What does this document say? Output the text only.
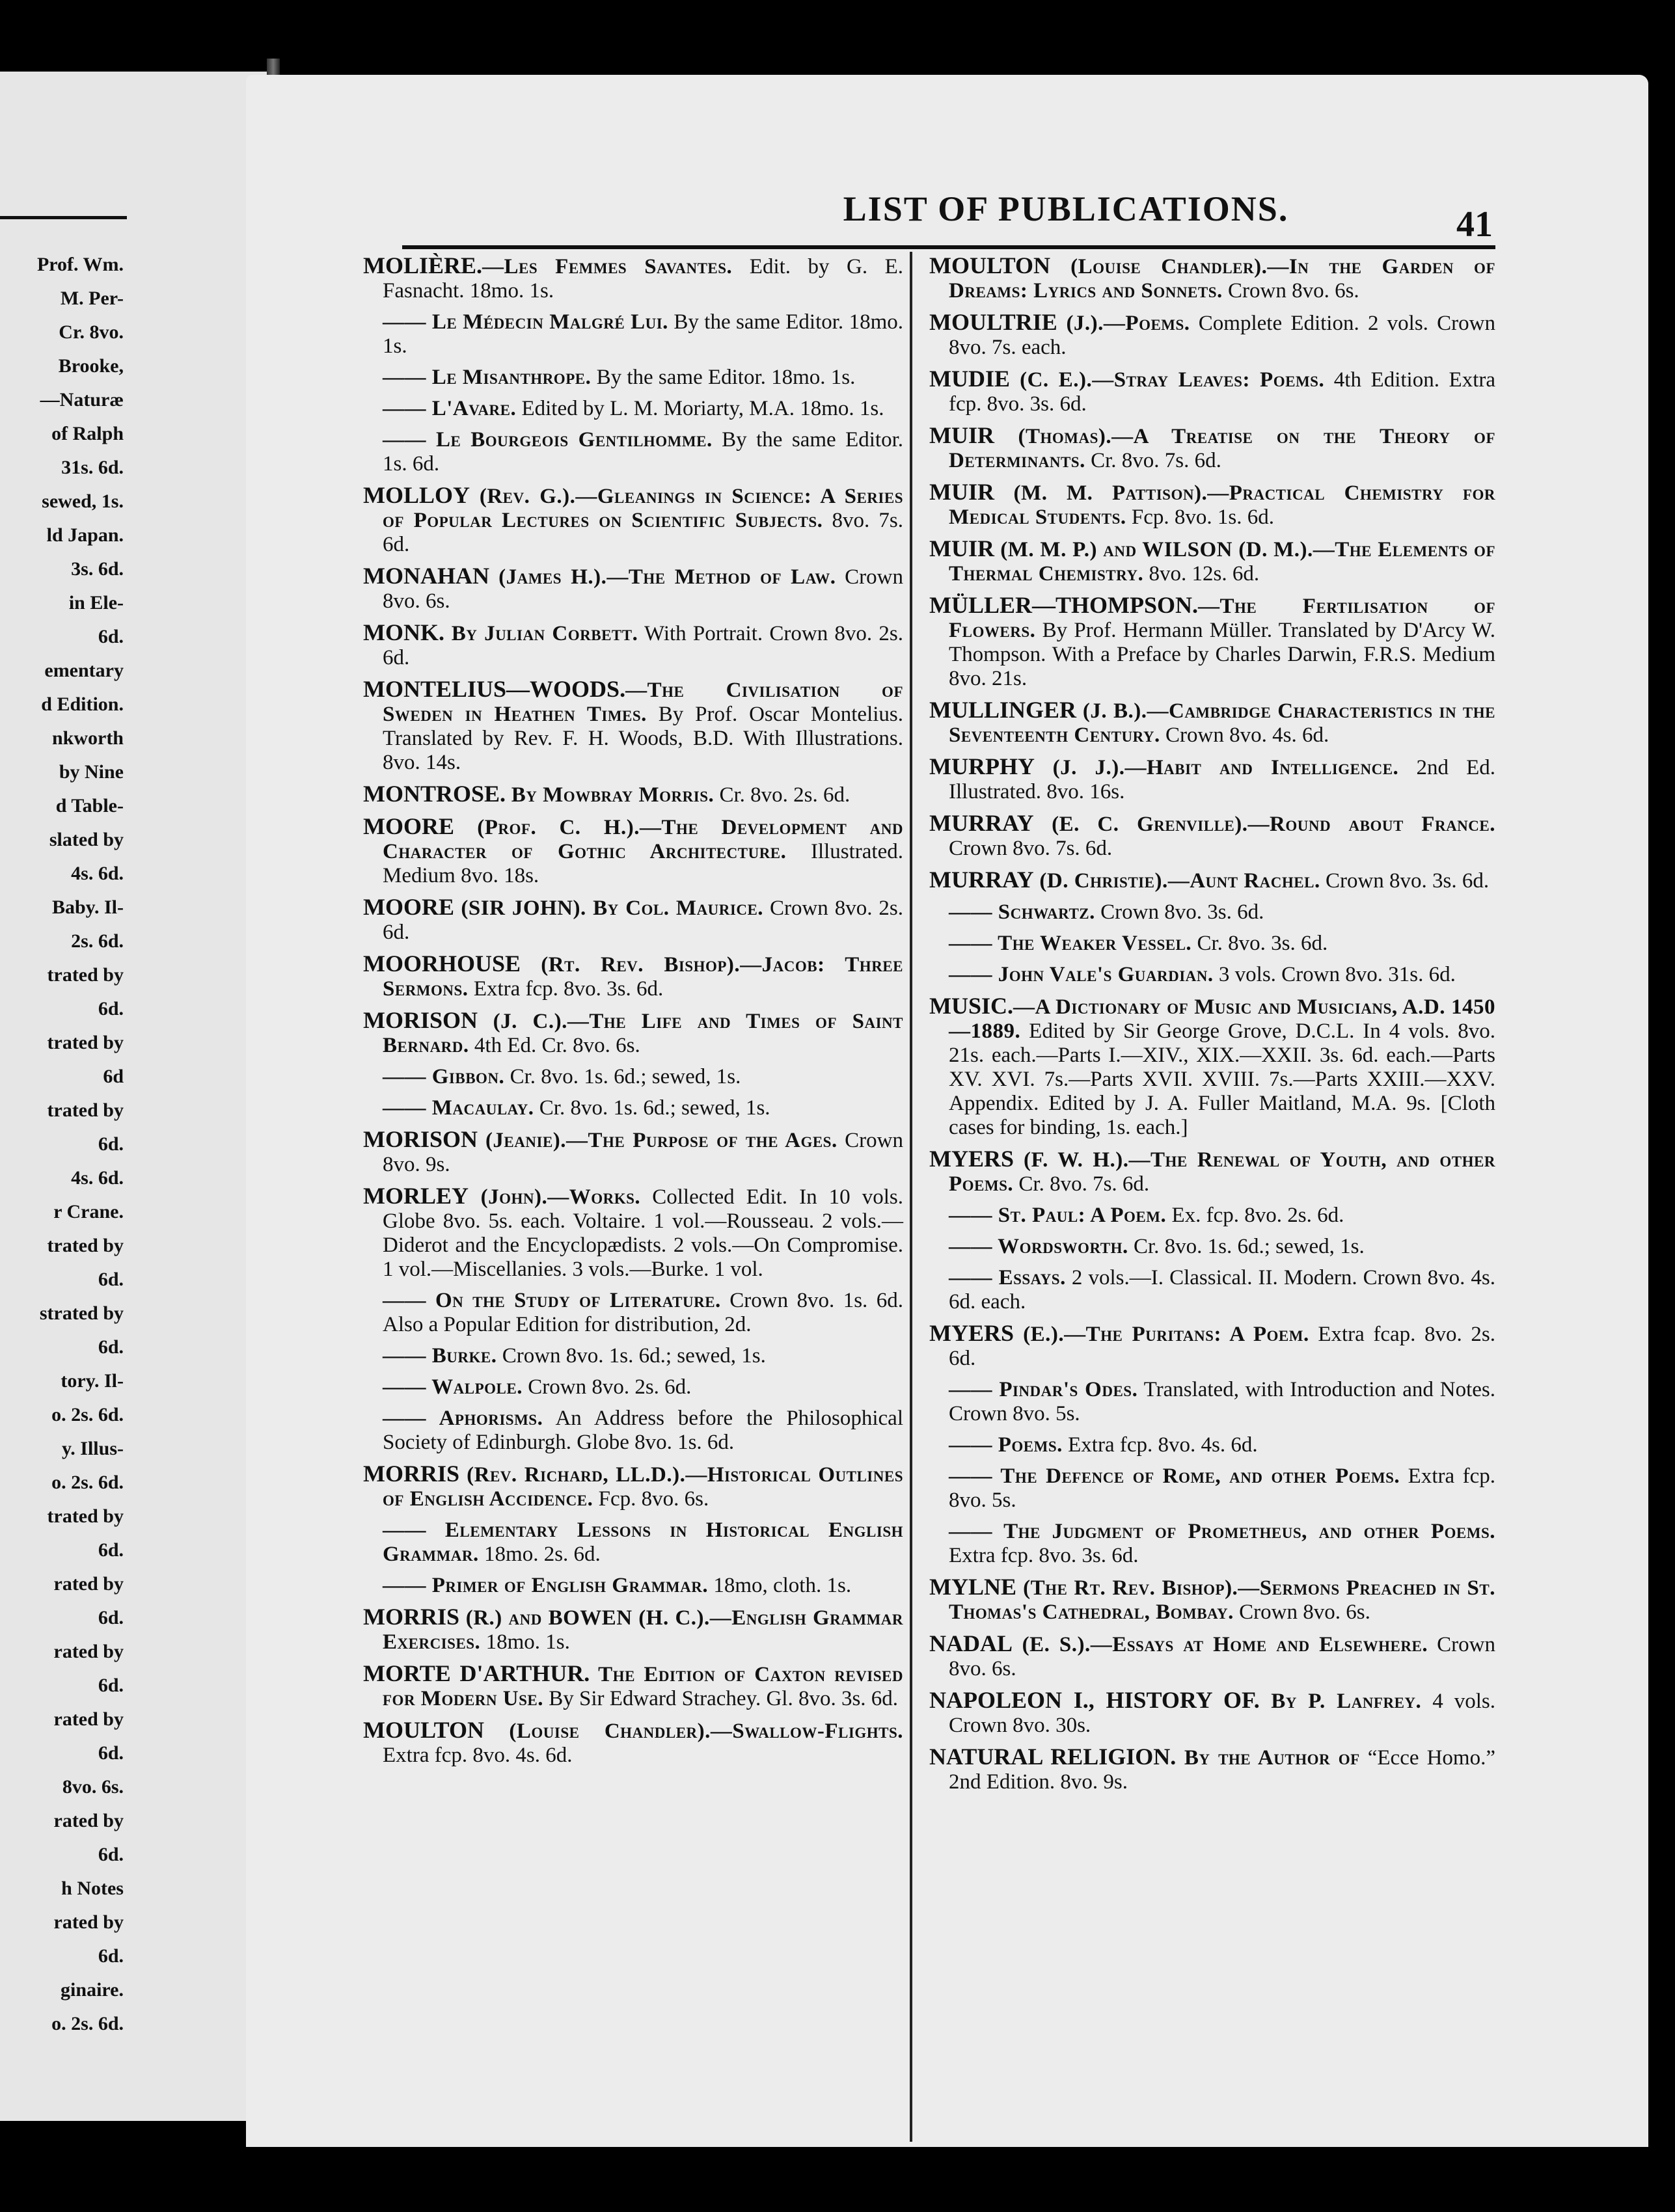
Prof. Wm.
M. Per-
Cr. 8vo.
Brooke,
—Naturæ
of Ralph
31s. 6d.
sewed, 1s.
ld Japan.
3s. 6d.
in Ele-
6d.
ementary
d Edition.
nkworth
by Nine
d Table-
slated by
4s. 6d.
Baby. Il-
2s. 6d.
trated by
6d.
trated by
6d
trated by
6d.
4s. 6d.
r Crane.
trated by
6d.
strated by
6d.
tory. Il-
o. 2s. 6d.
y. Illus-
o. 2s. 6d.
trated by
6d.
rated by
6d.
rated by
6d.
rated by
6d.
8vo. 6s.
rated by
6d.
h Notes
rated by
6d.
ginaire.
o. 2s. 6d.
LIST OF PUBLICATIONS.	41
MOLIÈRE.—Les Femmes Savantes. Edit. by G. E. Fasnacht. 18mo. 1s.
—— Le Médecin Malgré Lui. By the same Editor. 18mo. 1s.
—— Le Misanthrope. By the same Editor. 18mo. 1s.
—— L'Avare. Edited by L. M. Moriarty, M.A. 18mo. 1s.
—— Le Bourgeois Gentilhomme. By the same Editor. 1s. 6d.
MOLLOY (Rev. G.).—Gleanings in Science: A Series of Popular Lectures on Scientific Subjects. 8vo. 7s. 6d.
MONAHAN (James H.).—The Method of Law. Crown 8vo. 6s.
MONK. By Julian Corbett. With Portrait. Crown 8vo. 2s. 6d.
MONTELIUS—WOODS.—The Civilisation of Sweden in Heathen Times. By Prof. Oscar Montelius. Translated by Rev. F. H. Woods, B.D. With Illustrations. 8vo. 14s.
MONTROSE. By Mowbray Morris. Cr. 8vo. 2s. 6d.
MOORE (Prof. C. H.).—The Development and Character of Gothic Architecture. Illustrated. Medium 8vo. 18s.
MOORE (SIR JOHN). By Col. Maurice. Crown 8vo. 2s. 6d.
MOORHOUSE (Rt. Rev. Bishop).—Jacob: Three Sermons. Extra fcp. 8vo. 3s. 6d.
MORISON (J. C.).—The Life and Times of Saint Bernard. 4th Ed. Cr. 8vo. 6s.
—— Gibbon. Cr. 8vo. 1s. 6d.; sewed, 1s.
—— Macaulay. Cr. 8vo. 1s. 6d.; sewed, 1s.
MORISON (Jeanie).—The Purpose of the Ages. Crown 8vo. 9s.
MORLEY (John).—Works. Collected Edit. In 10 vols. Globe 8vo. 5s. each. Voltaire. 1 vol.—Rousseau. 2 vols.—Diderot and the Encyclopædists. 2 vols.—On Compromise. 1 vol.—Miscellanies. 3 vols.—Burke. 1 vol.
—— On the Study of Literature. Crown 8vo. 1s. 6d. Also a Popular Edition for distribution, 2d.
—— Burke. Crown 8vo. 1s. 6d.; sewed, 1s.
—— Walpole. Crown 8vo. 2s. 6d.
—— Aphorisms. An Address before the Philosophical Society of Edinburgh. Globe 8vo. 1s. 6d.
MORRIS (Rev. Richard, LL.D.).—Historical Outlines of English Accidence. Fcp. 8vo. 6s.
—— Elementary Lessons in Historical English Grammar. 18mo. 2s. 6d.
—— Primer of English Grammar. 18mo, cloth. 1s.
MORRIS (R.) and BOWEN (H. C.).—English Grammar Exercises. 18mo. 1s.
MORTE D'ARTHUR. The Edition of Caxton revised for Modern Use. By Sir Edward Strachey. Gl. 8vo. 3s. 6d.
MOULTON (Louise Chandler).—Swallow-Flights. Extra fcp. 8vo. 4s. 6d.
MOULTON (Louise Chandler).—In the Garden of Dreams: Lyrics and Sonnets. Crown 8vo. 6s.
MOULTRIE (J.).—Poems. Complete Edition. 2 vols. Crown 8vo. 7s. each.
MUDIE (C. E.).—Stray Leaves: Poems. 4th Edition. Extra fcp. 8vo. 3s. 6d.
MUIR (Thomas).—A Treatise on the Theory of Determinants. Cr. 8vo. 7s. 6d.
MUIR (M. M. Pattison).—Practical Chemistry for Medical Students. Fcp. 8vo. 1s. 6d.
MUIR (M. M. P.) and WILSON (D. M.).—The Elements of Thermal Chemistry. 8vo. 12s. 6d.
MÜLLER—THOMPSON.—The Fertilisation of Flowers. By Prof. Hermann Müller. Translated by D'Arcy W. Thompson. With a Preface by Charles Darwin, F.R.S. Medium 8vo. 21s.
MULLINGER (J. B.).—Cambridge Characteristics in the Seventeenth Century. Crown 8vo. 4s. 6d.
MURPHY (J. J.).—Habit and Intelligence. 2nd Ed. Illustrated. 8vo. 16s.
MURRAY (E. C. Grenville).—Round about France. Crown 8vo. 7s. 6d.
MURRAY (D. Christie).—Aunt Rachel. Crown 8vo. 3s. 6d.
—— Schwartz. Crown 8vo. 3s. 6d.
—— The Weaker Vessel. Cr. 8vo. 3s. 6d.
—— John Vale's Guardian. 3 vols. Crown 8vo. 31s. 6d.
MUSIC.—A Dictionary of Music and Musicians, A.D. 1450—1889. Edited by Sir George Grove, D.C.L. In 4 vols. 8vo. 21s. each.—Parts I.—XIV., XIX.—XXII. 3s. 6d. each.—Parts XV. XVI. 7s.—Parts XVII. XVIII. 7s.—Parts XXIII.—XXV. Appendix. Edited by J. A. Fuller Maitland, M.A. 9s. [Cloth cases for binding, 1s. each.]
MYERS (F. W. H.).—The Renewal of Youth, and other Poems. Cr. 8vo. 7s. 6d.
—— St. Paul: A Poem. Ex. fcp. 8vo. 2s. 6d.
—— Wordsworth. Cr. 8vo. 1s. 6d.; sewed, 1s.
—— Essays. 2 vols.—I. Classical. II. Modern. Crown 8vo. 4s. 6d. each.
MYERS (E.).—The Puritans: A Poem. Extra fcap. 8vo. 2s. 6d.
—— Pindar's Odes. Translated, with Introduction and Notes. Crown 8vo. 5s.
—— Poems. Extra fcp. 8vo. 4s. 6d.
—— The Defence of Rome, and other Poems. Extra fcp. 8vo. 5s.
—— The Judgment of Prometheus, and other Poems. Extra fcp. 8vo. 3s. 6d.
MYLNE (The Rt. Rev. Bishop).—Sermons Preached in St. Thomas's Cathedral, Bombay. Crown 8vo. 6s.
NADAL (E. S.).—Essays at Home and Elsewhere. Crown 8vo. 6s.
NAPOLEON I., HISTORY OF. By P. Lanfrey. 4 vols. Crown 8vo. 30s.
NATURAL RELIGION. By the Author of “Ecce Homo.” 2nd Edition. 8vo. 9s.
